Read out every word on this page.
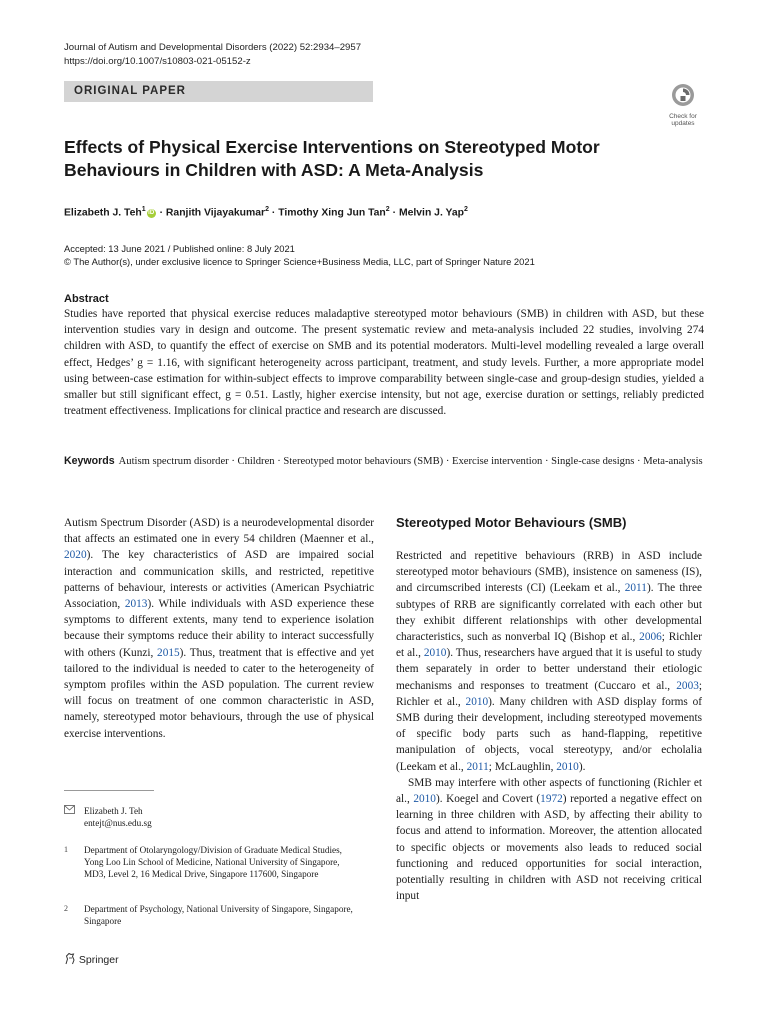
Journal of Autism and Developmental Disorders (2022) 52:2934–2957
https://doi.org/10.1007/s10803-021-05152-z
ORIGINAL PAPER
Check for
updates
Effects of Physical Exercise Interventions on Stereotyped Motor
Behaviours in Children with ASD: A Meta-Analysis
Elizabeth J. Teh$^1$iD · Ranjith Vijayakumar$^2$ · Timothy Xing Jun Tan$^2$ · Melvin J. Yap$^2$
Accepted: 13 June 2021 / Published online: 8 July 2021
© The Author(s), under exclusive licence to Springer Science+Business Media, LLC, part of Springer Nature 2021
Abstract
Studies have reported that physical exercise reduces maladaptive stereotyped motor behaviours (SMB) in children with ASD, but these intervention studies vary in design and outcome. The present systematic review and meta-analysis included 22 studies, involving 274 children with ASD, to quantify the effect of exercise on SMB and its potential moderators. Multi-level modelling revealed a large overall effect, Hedges’ g = 1.16, with significant heterogeneity across participant, treatment, and study levels. Further, a more appropriate model using between-case estimation for within-subject effects to improve comparability between single-case and group-design studies, yielded a smaller but still significant effect, g = 0.51. Lastly, higher exercise intensity, but not age, exercise duration or settings, reliably predicted treatment effectiveness. Implications for clinical practice and research are discussed.
Keywords Autism spectrum disorder · Children · Stereotyped motor behaviours (SMB) · Exercise intervention · Single-case designs · Meta-analysis
Autism Spectrum Disorder (ASD) is a neurodevelopmental disorder that affects an estimated one in every 54 children (Maenner et al., 2020). The key characteristics of ASD are impaired social interaction and communication skills, and restricted, repetitive patterns of behaviour, interests or activities (American Psychiatric Association, 2013). While individuals with ASD experience these symptoms to different extents, many tend to experience isolation because their symptoms reduce their ability to interact successfully with others (Kunzi, 2015). Thus, treatment that is effective and yet tailored to the individual is needed to cater to the heterogeneity of symptom profiles within the ASD population. The current review will focus on treatment of one common characteristic in ASD, namely, stereotyped motor behaviours, through the use of physical exercise interventions.
Stereotyped Motor Behaviours (SMB)

Restricted and repetitive behaviours (RRB) in ASD include stereotyped motor behaviours (SMB), insistence on sameness (IS), and circumscribed interests (CI) (Leekam et al., 2011). The three subtypes of RRB are significantly correlated with each other but they exhibit different relationships with other developmental characteristics, such as nonverbal IQ (Bishop et al., 2006; Richler et al., 2010). Thus, researchers have argued that it is useful to study them separately in order to better understand their etiologic mechanisms and responses to treatment (Cuccaro et al., 2003; Richler et al., 2010). Many children with ASD display forms of SMB during their development, including stereotyped movements of specific body parts such as hand-flapping, repetitive manipulation of objects, vocal stereotypy, and/or echolalia (Leekam et al., 2011; McLaughlin, 2010).

SMB may interfere with other aspects of functioning (Richler et al., 2010). Koegel and Covert (1972) reported a negative effect on learning in three children with ASD, by affecting their ability to focus and attend to information. Moreover, the attention allocated to specific objects or movements also leads to reduced social functioning and reduced opportunities for social interaction, potentially resulting in children with ASD not receiving critical input

Elizabeth J. Teh
entejt@nus.edu.sg
1	Department of Otolaryngology/Division of Graduate Medical Studies, Yong Loo Lin School of Medicine, National University of Singapore, MD3, Level 2, 16 Medical Drive, Singapore 117600, Singapore
2	Department of Psychology, National University of Singapore, Singapore, Singapore
Springer
